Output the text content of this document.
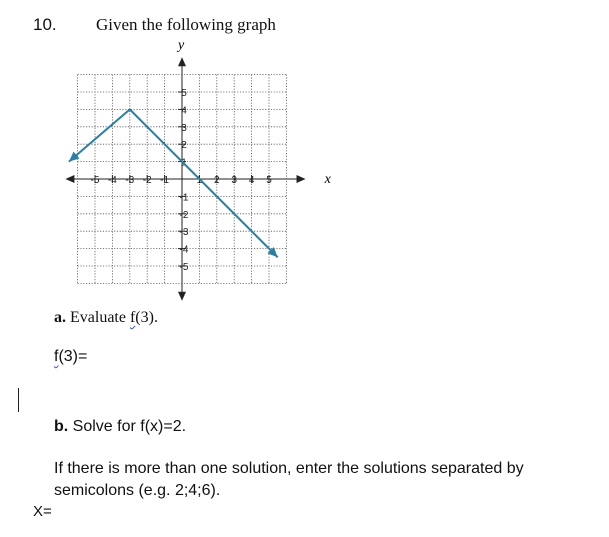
10. Given the following graph
-5 -4 -3 -2 -1	1 2 3 4 5
5
4
3
2
1
-1
-2
-3
-4
-5
x
y
a. Evaluate f(3).
f(3)=
b. Solve for f(x)=2.
If there is more than one solution, enter the solutions separated by semicolons (e.g. 2;4;6).
X=
